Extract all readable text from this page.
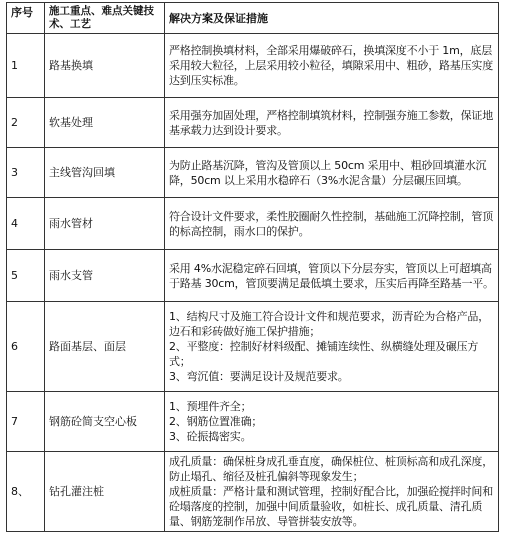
序号	施工重点、难点关键技术、工艺	解决方案及保证措施
1	路基换填	严格控制换填材料，全部采用爆破碎石，换填深度不小于 1m，底层采用较大粒径，上层采用较小粒径，填隙采用中、粗砂，路基压实度达到压实标准。

2	软基处理	采用强夯加固处理，严格控制填筑材料，控制强夯施工参数，保证地基承载力达到设计要求。

3	主线管沟回填	为防止路基沉降，管沟及管顶以上 50cm 采用中、粗砂回填灌水沉降，50cm 以上采用水稳碎石（3%水泥含量）分层碾压回填。

4	雨水管材	符合设计文件要求，柔性胶圈耐久性控制，基础施工沉降控制，管顶的标高控制，雨水口的保护。

5	雨水支管	采用 4%水泥稳定碎石回填，管顶以下分层夯实，管顶以上可超填高于路基 30cm，管顶要满足最低填土要求，压实后再降至路基一平。

6	路面基层、面层	1、结构尺寸及施工符合设计文件和规范要求，沥青砼为合格产品，边石和彩砖做好施工保护措施；
2、平整度：控制好材料级配、摊铺连续性、纵横缝处理及碾压方式；
3、弯沉值：要满足设计及规范要求。

7	钢筋砼简支空心板	1、预埋件齐全；
2、钢筋位置准确；
3、砼振捣密实。

8、	钻孔灌注桩	成孔质量：确保桩身成孔垂直度，确保桩位、桩顶标高和成孔深度，防止塌孔、缩径及桩孔偏斜等现象发生；
成桩质量：严格计量和测试管理，控制好配合比，加强砼搅拌时间和砼塌落度的控制，加强中间质量验收，如桩长、成孔质量、清孔质量、钢筋笼制作吊放、导管拼装安放等。
